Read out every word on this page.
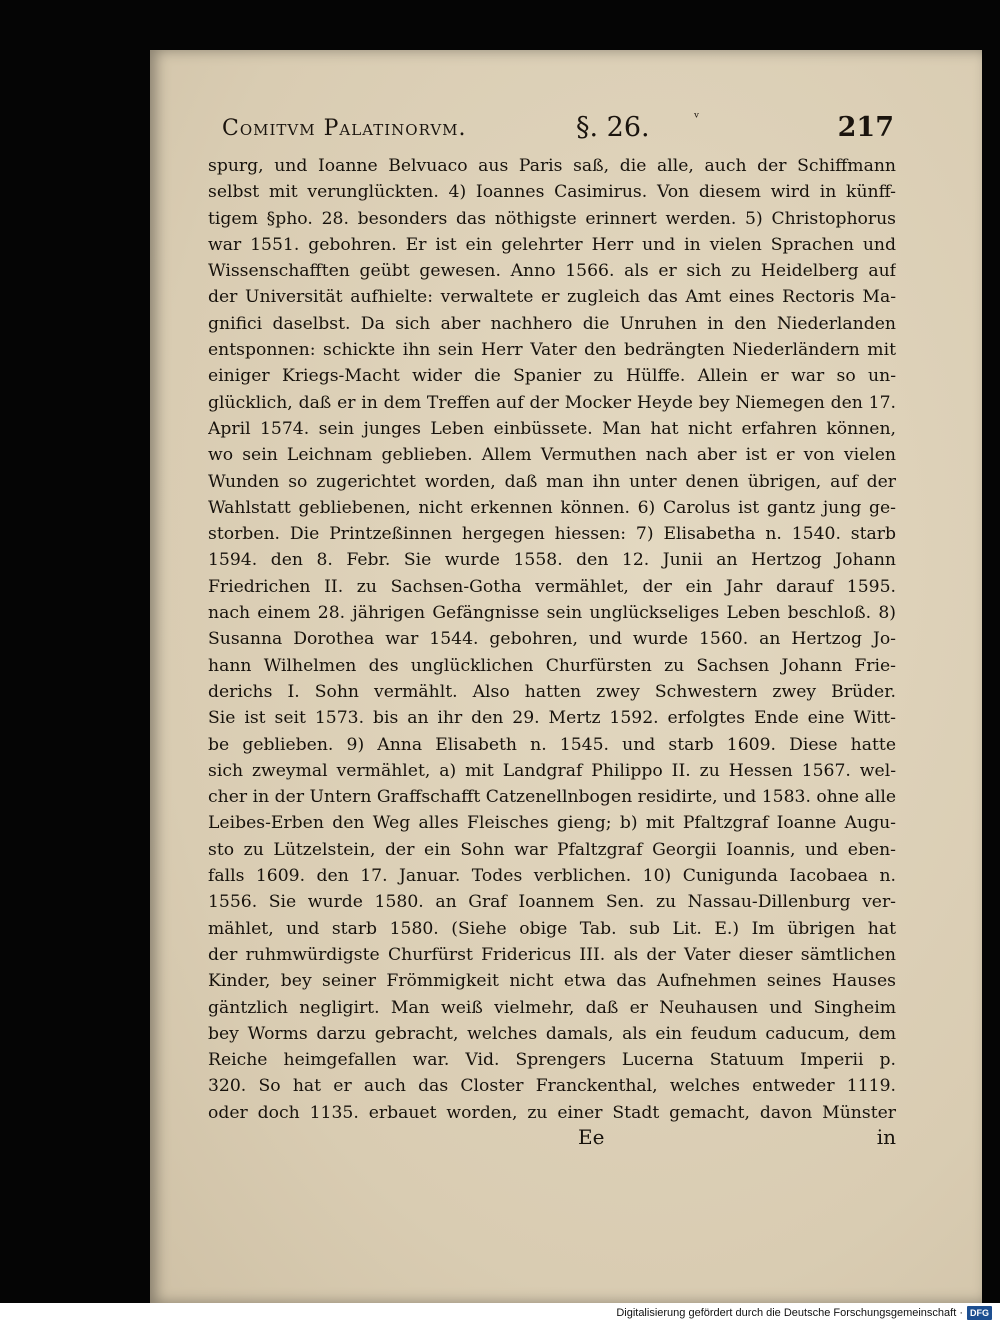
Comitvm Palatinorvm.	§. 26.	ᵛ	217
spurg, und Ioanne Belvuaco aus Paris saß, die alle, auch der Schiffmann
selbst mit verunglückten. 4) Ioannes Casimirus. Von diesem wird in künff-
tigem §pho. 28. besonders das nöthigste erinnert werden. 5) Christophorus
war 1551. gebohren. Er ist ein gelehrter Herr und in vielen Sprachen und
Wissenschafften geübt gewesen. Anno 1566. als er sich zu Heidelberg auf
der Universität aufhielte: verwaltete er zugleich das Amt eines Rectoris Ma-
gnifici daselbst. Da sich aber nachhero die Unruhen in den Niederlanden
entsponnen: schickte ihn sein Herr Vater den bedrängten Niederländern mit
einiger Kriegs-Macht wider die Spanier zu Hülffe. Allein er war so un-
glücklich, daß er in dem Treffen auf der Mocker Heyde bey Niemegen den 17.
April 1574. sein junges Leben einbüssete. Man hat nicht erfahren können,
wo sein Leichnam geblieben. Allem Vermuthen nach aber ist er von vielen
Wunden so zugerichtet worden, daß man ihn unter denen übrigen, auf der
Wahlstatt gebliebenen, nicht erkennen können. 6) Carolus ist gantz jung ge-
storben. Die Printzeßinnen hergegen hiessen: 7) Elisabetha n. 1540. starb
1594. den 8. Febr. Sie wurde 1558. den 12. Junii an Hertzog Johann
Friedrichen II. zu Sachsen-Gotha vermählet, der ein Jahr darauf 1595.
nach einem 28. jährigen Gefängnisse sein unglückseliges Leben beschloß. 8)
Susanna Dorothea war 1544. gebohren, und wurde 1560. an Hertzog Jo-
hann Wilhelmen des unglücklichen Churfürsten zu Sachsen Johann Frie-
derichs I. Sohn vermählt. Also hatten zwey Schwestern zwey Brüder.
Sie ist seit 1573. bis an ihr den 29. Mertz 1592. erfolgtes Ende eine Witt-
be geblieben. 9) Anna Elisabeth n. 1545. und starb 1609. Diese hatte
sich zweymal vermählet, a) mit Landgraf Philippo II. zu Hessen 1567. wel-
cher in der Untern Graffschafft Catzenellnbogen residirte, und 1583. ohne alle
Leibes-Erben den Weg alles Fleisches gieng; b) mit Pfaltzgraf Ioanne Augu-
sto zu Lützelstein, der ein Sohn war Pfaltzgraf Georgii Ioannis, und eben-
falls 1609. den 17. Januar. Todes verblichen. 10) Cunigunda Iacobaea n.
1556. Sie wurde 1580. an Graf Ioannem Sen. zu Nassau-Dillenburg ver-
mählet, und starb 1580. (Siehe obige Tab. sub Lit. E.) Im übrigen hat
der ruhmwürdigste Churfürst Fridericus III. als der Vater dieser sämtlichen
Kinder, bey seiner Frömmigkeit nicht etwa das Aufnehmen seines Hauses
gäntzlich negligirt. Man weiß vielmehr, daß er Neuhausen und Singheim
bey Worms darzu gebracht, welches damals, als ein feudum caducum, dem
Reiche heimgefallen war. Vid. Sprengers Lucerna Statuum Imperii p.
320. So hat er auch das Closter Franckenthal, welches entweder 1119.
oder doch 1135. erbauet worden, zu einer Stadt gemacht, davon Münster
Ee	in
Digitalisierung gefördert durch die Deutsche Forschungsgemeinschaft · DFG
